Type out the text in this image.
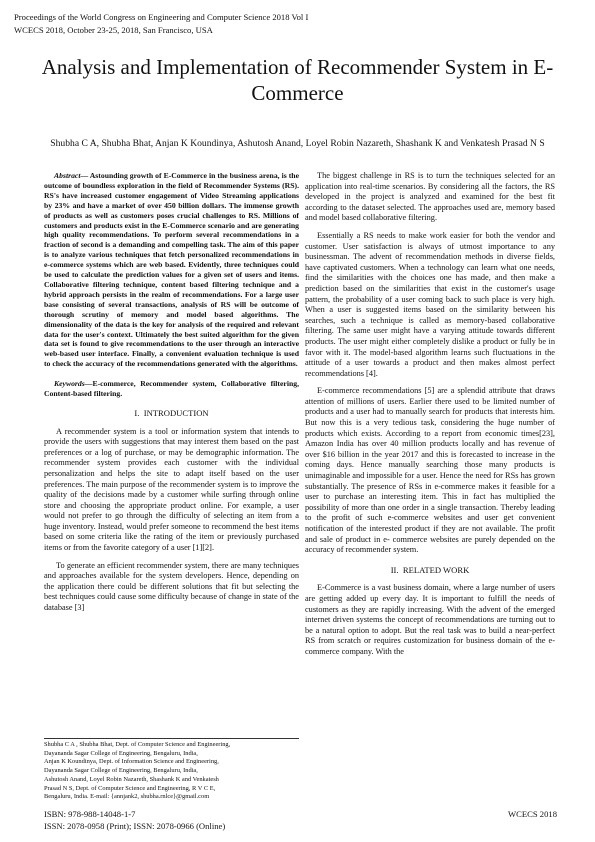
Proceedings of the World Congress on Engineering and Computer Science 2018 Vol I
WCECS 2018, October 23-25, 2018, San Francisco, USA
Analysis and Implementation of Recommender System in E-Commerce
Shubha C A, Shubha Bhat, Anjan K Koundinya, Ashutosh Anand, Loyel Robin Nazareth, Shashank K and Venkatesh Prasad N S

Abstract— Astounding growth of E-Commerce in the business arena, is the outcome of boundless exploration in the field of Recommender Systems (RS). RS's have increased customer engagement of Video Streaming applications by 23% and have a market of over 450 billion dollars. The immense growth of products as well as customers poses crucial challenges to RS. Millions of customers and products exist in the E-Commerce scenario and are generating high quality recommendations. To perform several recommendations in a fraction of second is a demanding and compelling task. The aim of this paper is to analyze various techniques that fetch personalized recommendations in e-commerce systems which are web based. Evidently, three techniques could be used to calculate the prediction values for a given set of users and items. Collaborative filtering technique, content based filtering technique and a hybrid approach persists in the realm of recommendations. For a large user base consisting of several transactions, analysis of RS will be outcome of thorough scrutiny of memory and model based algorithms. The dimensionality of the data is the key for analysis of the required and relevant data for the user's context. Ultimately the best suited algorithm for the given data set is found to give recommendations to the user through an interactive web-based user interface. Finally, a convenient evaluation technique is used to check the accuracy of the recommendations generated with the algorithms.

Keywords—E-commerce, Recommender system, Collaborative filtering, Content-based filtering.

I. INTRODUCTION

A recommender system is a tool or information system that intends to provide the users with suggestions that may interest them based on the past preferences or a log of purchase, or may be demographic information. The recommender system provides each customer with the individual personalization and helps the site to adapt itself based on the user preferences. The main purpose of the recommender system is to improve the quality of the decisions made by a customer while surfing through online store and choosing the appropriate product online. For example, a user would not prefer to go through the difficulty of selecting an item from a huge inventory. Instead, would prefer someone to recommend the best items based on some criteria like the rating of the item or previously purchased items or from the favorite category of a user [1][2].

To generate an efficient recommender system, there are many techniques and approaches available for the system developers. Hence, depending on the application there could be different solutions that fit but selecting the best techniques could cause some difficulty because of change in state of the database [3]

Shubha C A , Shubha Bhat, Dept. of Computer Science and Engineering,
Dayananda Sagar College of Engineering, Bengaluru, India,
Anjan K Koundinya, Dept. of Information Science and Engineering,
Dayananda Sagar College of Engineering, Bengaluru, India,
Ashutosh Anand, Loyel Robin Nazareth, Shashank K and Venkatesh
Prasad N S, Dept. of Computer Science and Engineering, R V C E,
Bengaluru, India. E-mail: {annjank2, shubha.rnlce}@gmail.com

The biggest challenge in RS is to turn the techniques selected for an application into real-time scenarios. By considering all the factors, the RS developed in the project is analyzed and examined for the best fit according to the dataset selected. The approaches used are, memory based and model based collaborative filtering.

Essentially a RS needs to make work easier for both the vendor and customer. User satisfaction is always of utmost importance to any businessman. The advent of recommendation methods in diverse fields, have captivated customers. When a technology can learn what one needs, find the similarities with the choices one has made, and then make a prediction based on the similarities that exist in the customer's usage pattern, the probability of a user coming back to such place is very high. When a user is suggested items based on the similarity between his searches, such a technique is called as memory-based collaborative filtering. The same user might have a varying attitude towards different products. The user might either completely dislike a product or fully be in favor with it. The model-based algorithm learns such fluctuations in the attitude of a user towards a product and then makes almost perfect recommendations [4].

E-commerce recommendations [5] are a splendid attribute that draws attention of millions of users. Earlier there used to be limited number of products and a user had to manually search for products that interests him. But now this is a very tedious task, considering the huge number of products which exists. According to a report from economic times[23], Amazon India has over 40 million products locally and has revenue of over $16 billion in the year 2017 and this is forecasted to increase in the coming days. Hence manually searching those many products is unimaginable and impossible for a user. Hence the need for RSs has grown substantially. The presence of RSs in e-commerce makes it feasible for a user to purchase an interesting item. This in fact has multiplied the possibility of more than one order in a single transaction. Thereby leading to the profit of such e-commerce websites and user get convenient notification of the interested product if they are not available. The profit and sale of product in e- commerce websites are purely depended on the accuracy of recommender system.

II. RELATED WORK

E-Commerce is a vast business domain, where a large number of users are getting added up every day. It is important to fulfill the needs of customers as they are rapidly increasing. With the advent of the emerged internet driven systems the concept of recommendations are turning out to be a natural option to adopt. But the real task was to build a near-perfect RS from scratch or requires customization for business domain of the e-commerce company. With the

ISBN: 978-988-14048-1-7
ISSN: 2078-0958 (Print); ISSN: 2078-0966 (Online)
WCECS 2018
